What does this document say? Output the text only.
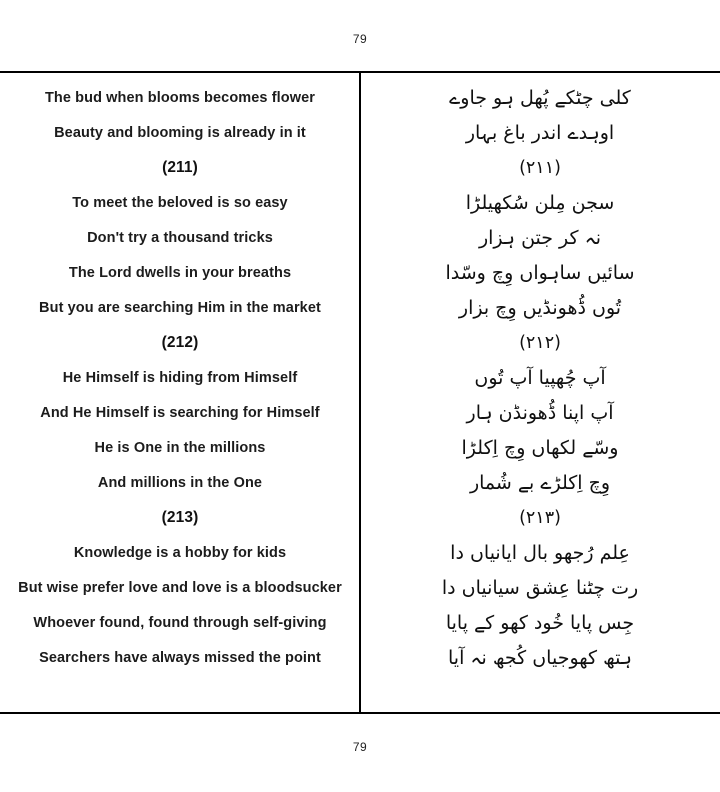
79
The bud when blooms becomes flower
Beauty and blooming is already in it
(211)
To meet the beloved is so easy
Don't try a thousand tricks
The Lord dwells in your breaths
But you are searching Him in the market
(212)
He Himself is hiding from Himself
And He Himself is searching for Himself
He is One in the millions
And millions in the One
(213)
Knowledge is a hobby for kids
But wise prefer love and love is a bloodsucker
Whoever found, found through self-giving
Searchers have always missed the point
کلی چٹکے پُھل ہو جاوے
اوہدے اندر باغ بہار
(۲۱۱)
سجن مِلن سُکھیلڑا
نہ کر جتن ہزار
سائیں ساہواں وِچ وسّدا
تُوں ڈُھونڈیں وِچ بزار
(۲۱۲)
آپ چُھپیا آپ تُوں
آپ اپنا ڈُھونڈن ہار
وسّے لکھاں وِچ اِکلڑا
وِچ اِکلڑے بے شُمار
(۲۱۳)
عِلم رُجھو بال ایانیاں دا
رت چٹنا عِشق سیانیاں دا
جِس پایا خُود کھو کے پایا
ہتھ کھوجیاں کُجھ نہ آیا
79
